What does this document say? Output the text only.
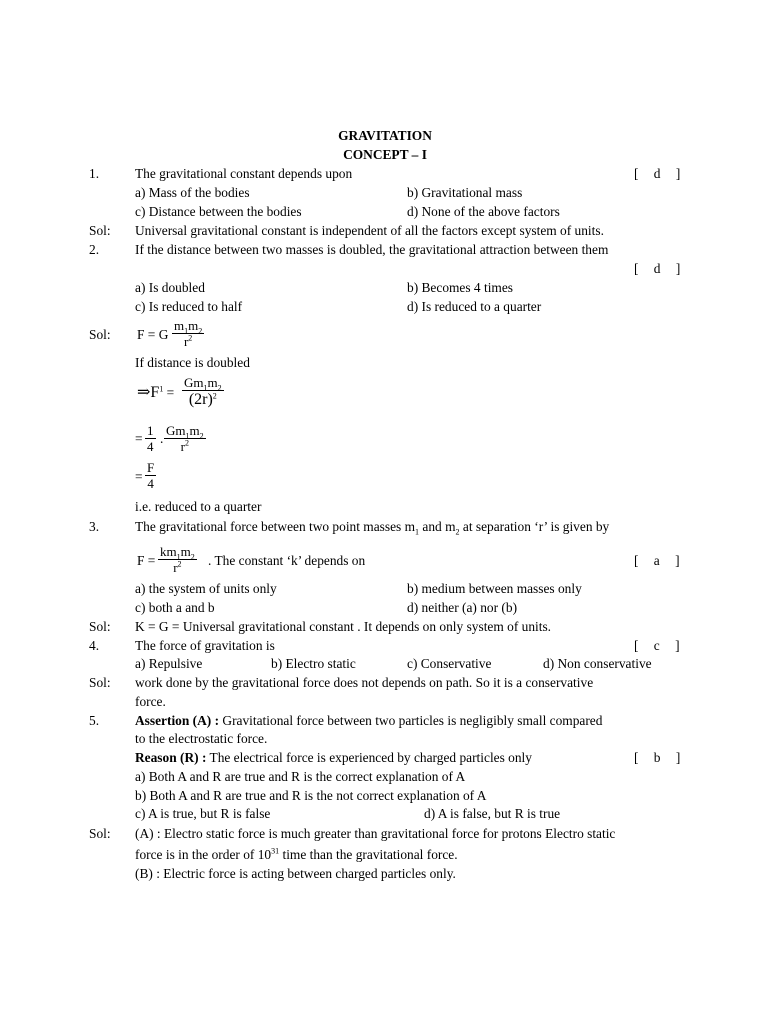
GRAVITATION
CONCEPT – I
1.	The gravitational constant depends upon	[ d ]
a) Mass of the bodies	b) Gravitational mass
c) Distance between the bodies	d) None of the above factors
Sol: Universal gravitational constant is independent of all the factors except system of units.
2.	If the distance between two masses is doubled, the gravitational attraction between them
[ d ]
a) Is doubled	b) Becomes 4 times
c) Is reduced to half	d) Is reduced to a quarter
Sol: F = G $\frac{m_1m_2}{r^2}$
If distance is doubled
$\Rightarrow F^1 = \frac{Gm_1m_2}{(2r)^2}$
= $\frac{1}{4}$ . $\frac{Gm_1m_2}{r^2}$
= $\frac{F}{4}$
i.e. reduced to a quarter
3.	The gravitational force between two point masses $m_1$ and $m_2$ at separation ‘r’ is given by
$F = \frac{km_1m_2}{r^2}$ . The constant ‘k’ depends on	[ a ]
a) the system of units only	b) medium between masses only
c) both a and b	d) neither (a) nor (b)
Sol: K = G = Universal gravitational constant . It depends on only system of units.
4.	The force of gravitation is	[ c ]
a) Repulsive	b) Electro static	c) Conservative	d) Non conservative
Sol: work done by the gravitational force does not depends on path. So it is a conservative
force.
5.	Assertion (A) : Gravitational force between two particles is negligibly small compared
to the electrostatic force.
Reason (R) : The electrical force is experienced by charged particles only	[ b ]
a) Both A and R are true and R is the correct explanation of A
b) Both A and R are true and R is the not correct explanation of A
c) A is true, but R is false	d) A is false, but R is true
Sol: (A) : Electro static force is much greater than gravitational force for protons Electro static
force is in the order of $10^{31}$ time than the gravitational force.
(B) : Electric force is acting between charged particles only.
